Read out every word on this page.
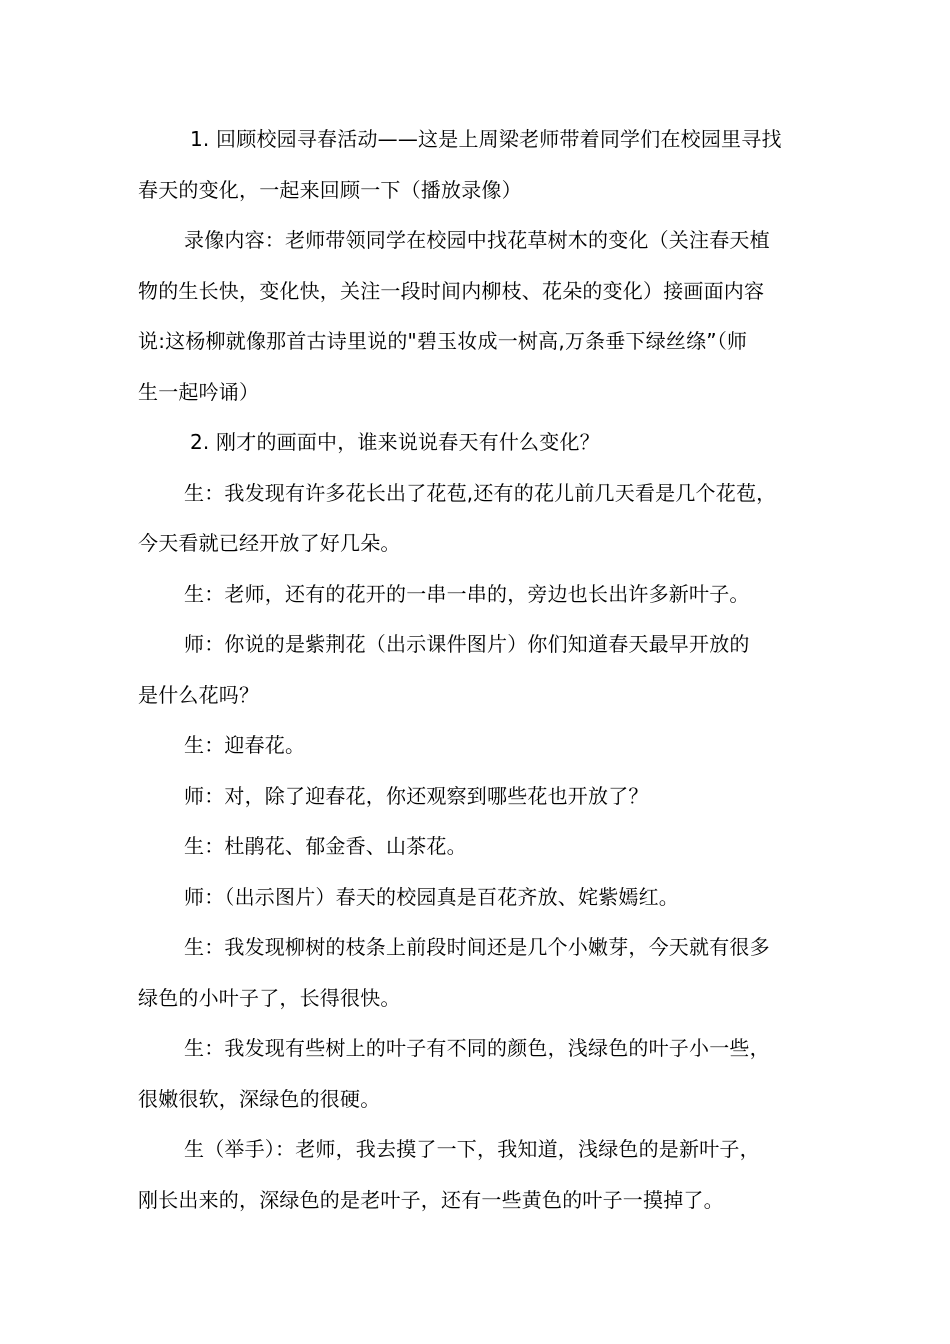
1. 回顾校园寻春活动——这是上周梁老师带着同学们在校园里寻找
春天的变化，一起来回顾一下（播放录像）

录像内容：老师带领同学在校园中找花草树木的变化（关注春天植
物的生长快，变化快，关注一段时间内柳枝、花朵的变化）接画面内容
说:这杨柳就像那首古诗里说的"碧玉妆成一树高,万条垂下绿丝绦”（师
生一起吟诵）

2. 刚才的画面中，谁来说说春天有什么变化？

生：我发现有许多花长出了花苞,还有的花儿前几天看是几个花苞，
今天看就已经开放了好几朵。

生：老师，还有的花开的一串一串的，旁边也长出许多新叶子。

师：你说的是紫荆花（出示课件图片）你们知道春天最早开放的
是什么花吗？

生：迎春花。

师：对，除了迎春花，你还观察到哪些花也开放了？

生：杜鹃花、郁金香、山茶花。

师：（出示图片）春天的校园真是百花齐放、姹紫嫣红。

生：我发现柳树的枝条上前段时间还是几个小嫩芽，今天就有很多
绿色的小叶子了，长得很快。

生：我发现有些树上的叶子有不同的颜色，浅绿色的叶子小一些，
很嫩很软，深绿色的很硬。

生（举手）：老师，我去摸了一下，我知道，浅绿色的是新叶子，
刚长出来的，深绿色的是老叶子，还有一些黄色的叶子一摸掉了。
